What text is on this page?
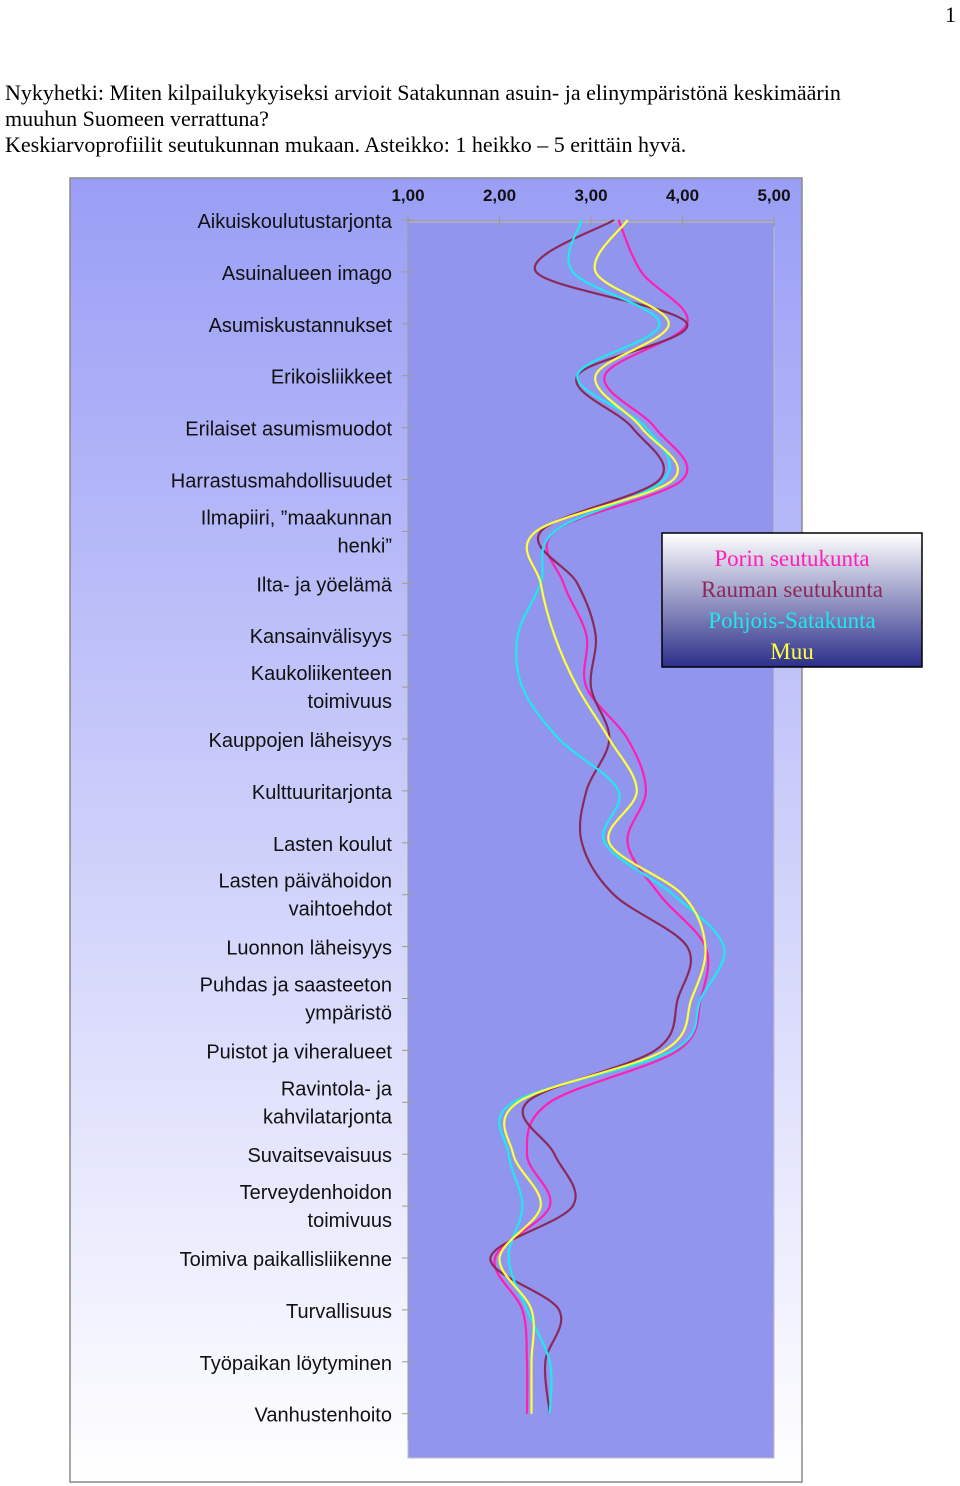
1
Nykyhetki: Miten kilpailukykyiseksi arvioit Satakunnan asuin- ja elinympäristönä keskimäärin
muuhun Suomeen verrattuna?
Keskiarvoprofiilit seutukunnan mukaan. Asteikko: 1 heikko – 5 erittäin hyvä.
1,00	2,00	3,00	4,00	5,00
Aikuiskoulutustarjonta
Asuinalueen imago
Asumiskustannukset
Erikoisliikkeet
Erilaiset asumismuodot
Harrastusmahdollisuudet
Ilmapiiri, ”maakunnan
henki”
Ilta- ja yöelämä
Kansainvälisyys
Kaukoliikenteen
toimivuus
Kauppojen läheisyys
Kulttuuritarjonta
Lasten koulut
Lasten päivähoidon
vaihtoehdot
Luonnon läheisyys
Puhdas ja saasteeton
ympäristö
Puistot ja viheralueet
Ravintola- ja
kahvilatarjonta
Suvaitsevaisuus
Terveydenhoidon
toimivuus
Toimiva paikallisliikenne
Turvallisuus
Työpaikan löytyminen
Vanhustenhoito
Porin seutukunta
Rauman seutukunta
Pohjois-Satakunta
Muu
